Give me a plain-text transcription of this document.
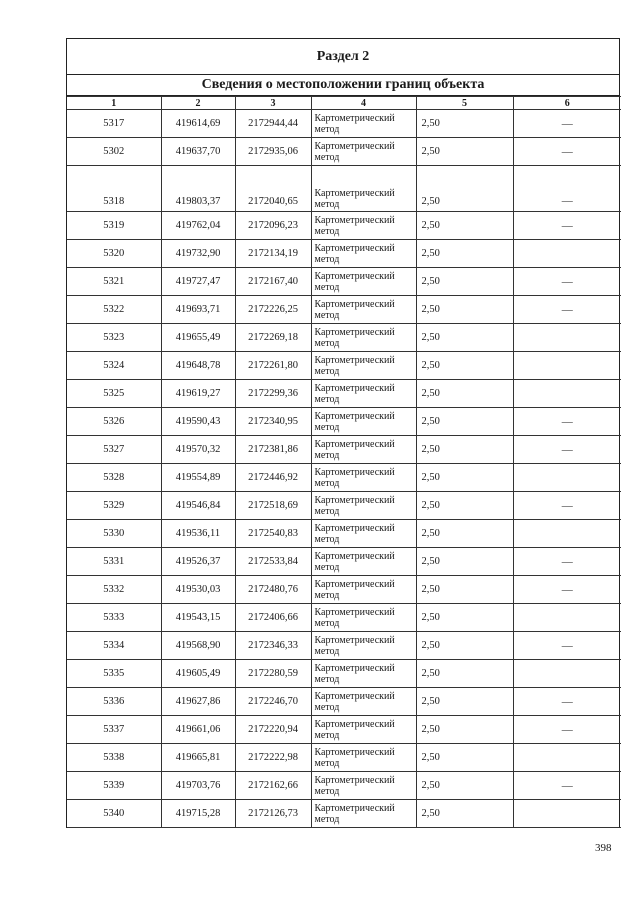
Раздел 2
Сведения о местоположении границ объекта
1	2	3	4	5	6
5317	419614,69	2172944,44	Картометрический метод	2,50	—
5302	419637,70	2172935,06	Картометрический метод	2,50	—
5318	419803,37	2172040,65	Картометрический метод	2,50	—
5319	419762,04	2172096,23	Картометрический метод	2,50	—
5320	419732,90	2172134,19	Картометрический метод	2,50	
5321	419727,47	2172167,40	Картометрический метод	2,50	—
5322	419693,71	2172226,25	Картометрический метод	2,50	—
5323	419655,49	2172269,18	Картометрический метод	2,50	
5324	419648,78	2172261,80	Картометрический метод	2,50	
5325	419619,27	2172299,36	Картометрический метод	2,50	
5326	419590,43	2172340,95	Картометрический метод	2,50	—
5327	419570,32	2172381,86	Картометрический метод	2,50	—
5328	419554,89	2172446,92	Картометрический метод	2,50	
5329	419546,84	2172518,69	Картометрический метод	2,50	—
5330	419536,11	2172540,83	Картометрический метод	2,50	
5331	419526,37	2172533,84	Картометрический метод	2,50	—
5332	419530,03	2172480,76	Картометрический метод	2,50	—
5333	419543,15	2172406,66	Картометрический метод	2,50	
5334	419568,90	2172346,33	Картометрический метод	2,50	—
5335	419605,49	2172280,59	Картометрический метод	2,50	
5336	419627,86	2172246,70	Картометрический метод	2,50	—
5337	419661,06	2172220,94	Картометрический метод	2,50	—
5338	419665,81	2172222,98	Картометрический метод	2,50	
5339	419703,76	2172162,66	Картометрический метод	2,50	—
5340	419715,28	2172126,73	Картометрический метод	2,50	
398
